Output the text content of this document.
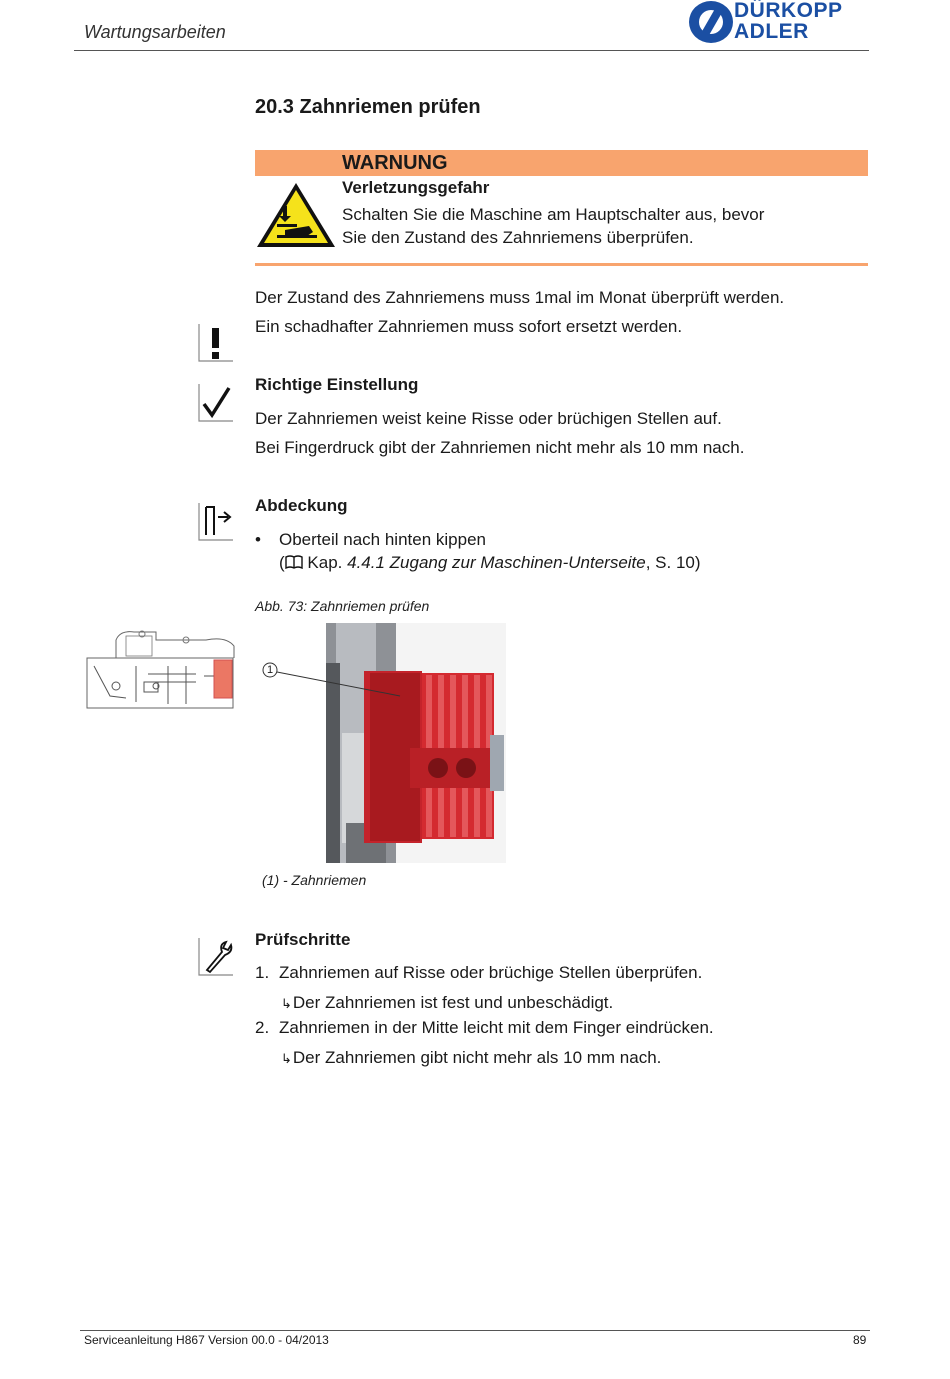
Wartungsarbeiten
DÜRKOPP
ADLER
20.3 Zahnriemen prüfen
WARNUNG
Verletzungsgefahr
Schalten Sie die Maschine am Hauptschalter aus, bevor
Sie den Zustand des Zahnriemens überprüfen.
Der Zustand des Zahnriemens muss 1mal im Monat überprüft werden.
Ein schadhafter Zahnriemen muss sofort ersetzt werden.
Richtige Einstellung
Der Zahnriemen weist keine Risse oder brüchigen Stellen auf.
Bei Fingerdruck gibt der Zahnriemen nicht mehr als 10 mm nach.
Abdeckung
• Oberteil nach hinten kippen
( Kap. 4.4.1 Zugang zur Maschinen-Unterseite, S. 10)
Abb. 73: Zahnriemen prüfen
1
(1) - Zahnriemen
Prüfschritte
1. Zahnriemen auf Risse oder brüchige Stellen überprüfen.
↳Der Zahnriemen ist fest und unbeschädigt.
2. Zahnriemen in der Mitte leicht mit dem Finger eindrücken.
↳Der Zahnriemen gibt nicht mehr als 10 mm nach.
Serviceanleitung H867 Version 00.0 - 04/2013	89
